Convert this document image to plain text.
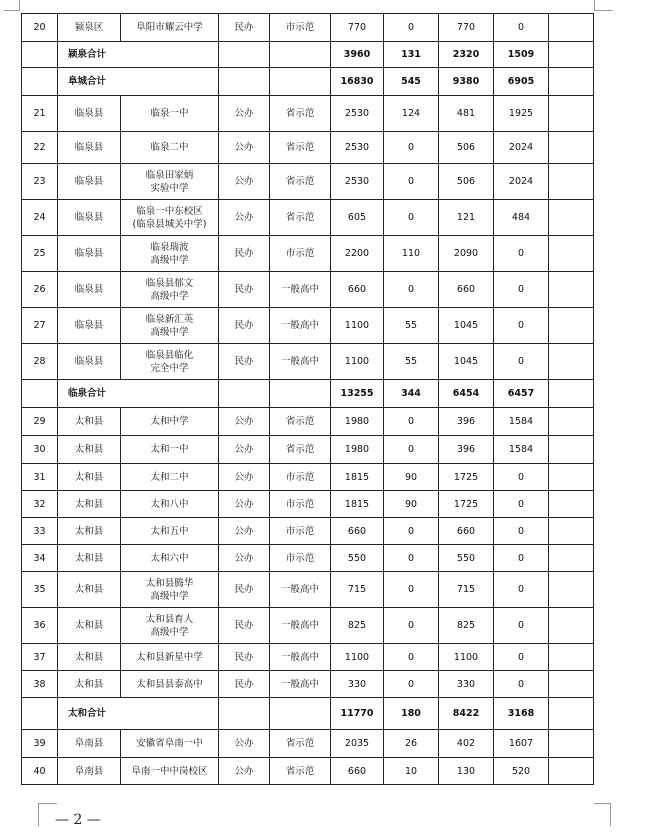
20	颍泉区	阜阳市耀云中学	民办	市示范	770	0	770	0	
	颍泉合计				3960	131	2320	1509	
	阜城合计				16830	545	9380	6905	
21	临泉县	临泉一中	公办	省示范	2530	124	481	1925	
22	临泉县	临泉二中	公办	省示范	2530	0	506	2024	
23	临泉县	临泉田家炳
实验中学	公办	省示范	2530	0	506	2024	
24	临泉县	临泉一中东校区
(临泉县城关中学)	公办	省示范	605	0	121	484	
25	临泉县	临泉瑞波
高级中学	民办	市示范	2200	110	2090	0	
26	临泉县	临泉县郁文
高级中学	民办	一般高中	660	0	660	0	
27	临泉县	临泉新汇英
高级中学	民办	一般高中	1100	55	1045	0	
28	临泉县	临泉县临化
完全中学	民办	一般高中	1100	55	1045	0	
	临泉合计				13255	344	6454	6457	
29	太和县	太和中学	公办	省示范	1980	0	396	1584	
30	太和县	太和一中	公办	省示范	1980	0	396	1584	
31	太和县	太和二中	公办	市示范	1815	90	1725	0	
32	太和县	太和八中	公办	市示范	1815	90	1725	0	
33	太和县	太和五中	公办	市示范	660	0	660	0	
34	太和县	太和六中	公办	市示范	550	0	550	0	
35	太和县	太和县腾华
高级中学	民办	一般高中	715	0	715	0	
36	太和县	太和县育人
高级中学	民办	一般高中	825	0	825	0	
37	太和县	太和县新星中学	民办	一般高中	1100	0	1100	0	
38	太和县	太和县县泰高中	民办	一般高中	330	0	330	0	
	太和合计				11770	180	8422	3168	
39	阜南县	安徽省阜南一中	公办	省示范	2035	26	402	1607	
40	阜南县	阜南一中中岗校区	公办	省示范	660	10	130	520	
— 2 —
